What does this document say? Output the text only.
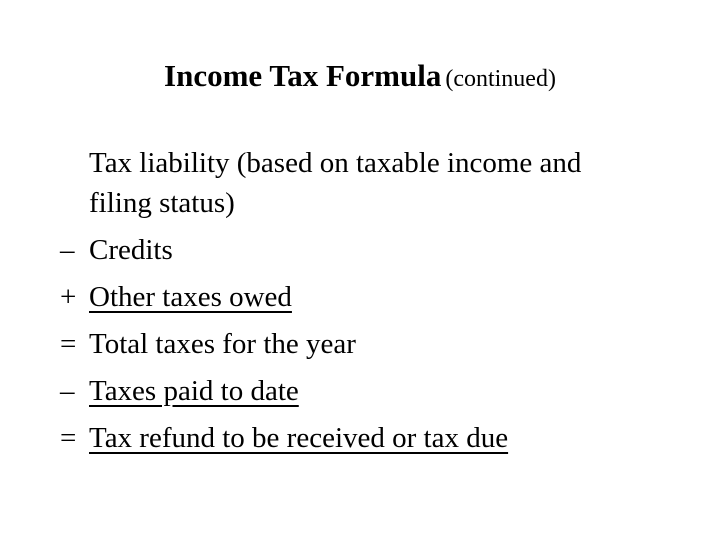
Income Tax Formula (continued)
Tax liability (based on taxable income and
filing status)
– Credits
+ Other taxes owed
= Total taxes for the year
– Taxes paid to date
= Tax refund to be received or tax due
